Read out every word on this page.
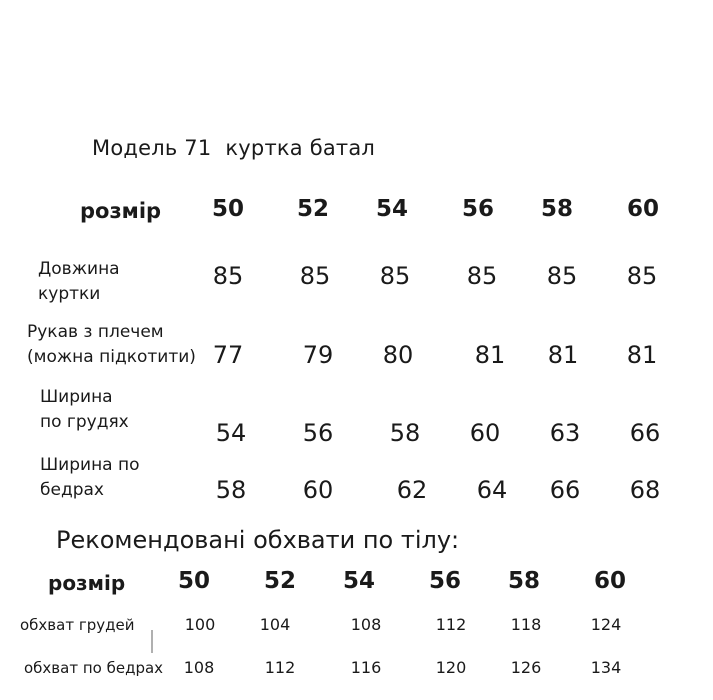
Модель 71 куртка батал
розмір	50	52	54	56	58	60
Довжина
куртки
85	85	85	85	85	85
Рукав з плечем
(можна підкотити) 77	79	80	81	81	81
Ширина
по грудях	54	56	58	60	63	66
Ширина по
бедрах	58	60	62	64	66	68
Рекомендовані обхвати по тілу:
розмір	50	52	54	56	58	60
обхват грудей	100	104	108	112	118	124
обхват по бедрах	108	112	116	120	126	134
